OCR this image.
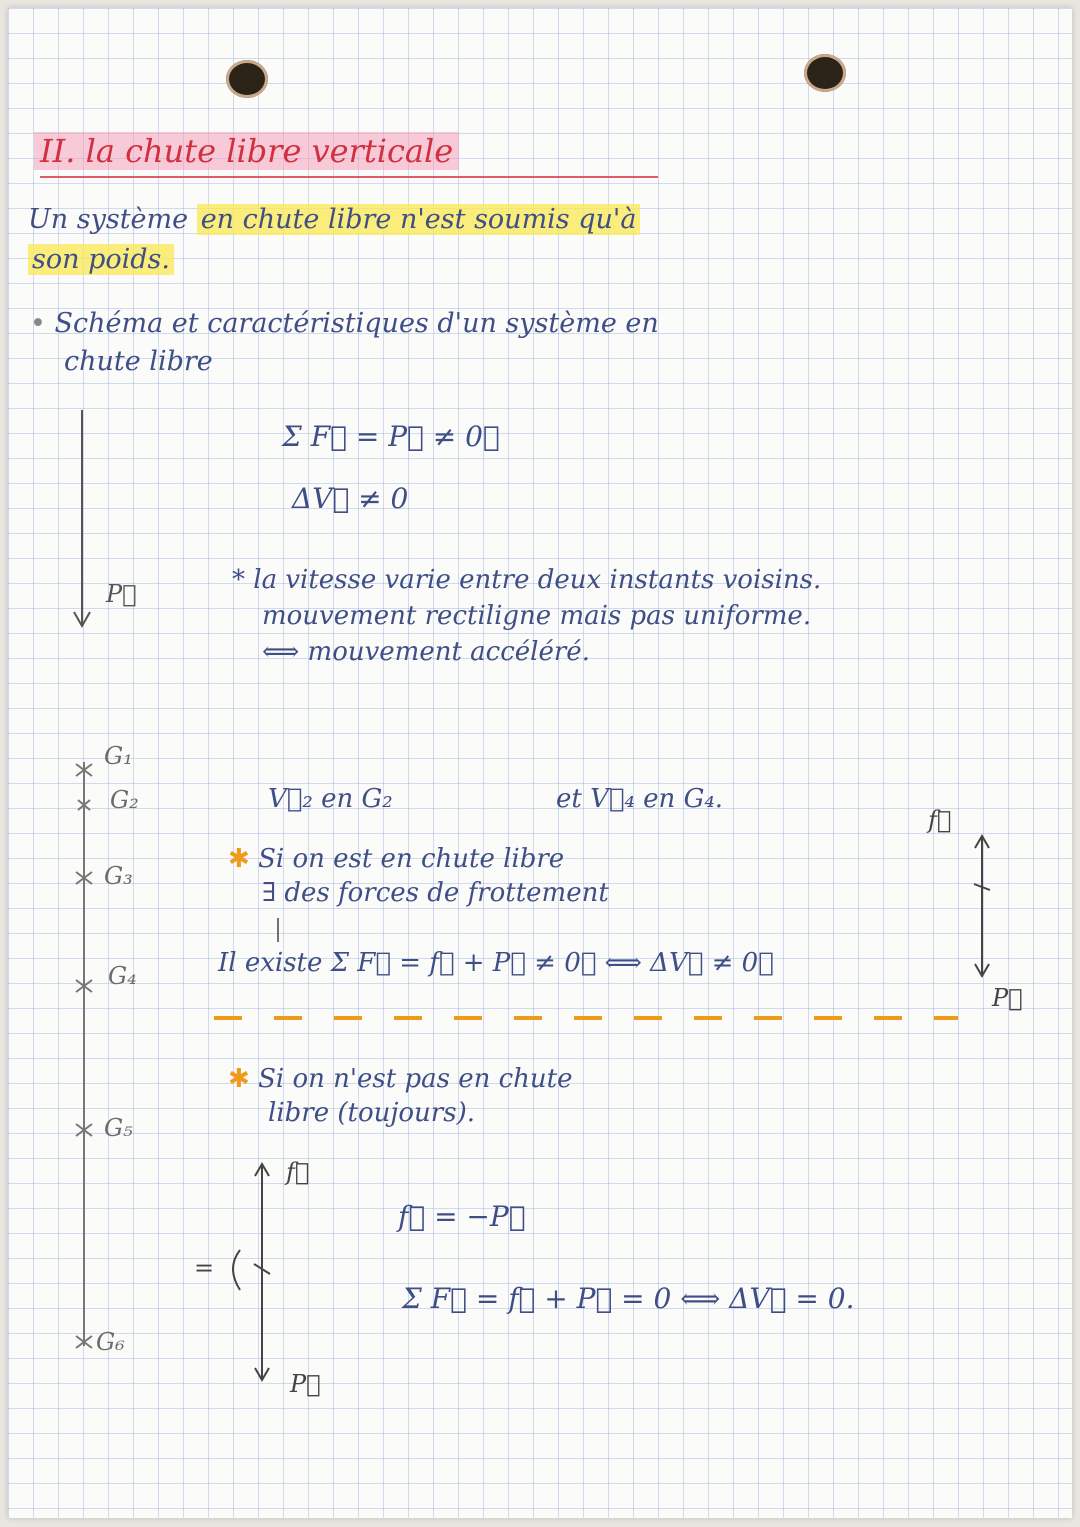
II. la chute libre verticale
Un système en chute libre n'est soumis qu'à
son poids.
• Schéma et caractéristiques d'un système en
chute libre
Σ F⃗ = P⃗ ≠ 0⃗
ΔV⃗ ≠ 0
* la vitesse varie entre deux instants voisins.
mouvement rectiligne mais pas uniforme.
⟺ mouvement accéléré.
P⃗
G₁
G₂
G₃
G₄
G₅
G₆
f⃗
P⃗
f⃗
P⃗
=
V⃗₂ en G₂	et V⃗₄ en G₄.
✱ Si on est en chute libre
∃ des forces de frottement
Il existe Σ F⃗ = f⃗ + P⃗ ≠ 0⃗ ⟺ ΔV⃗ ≠ 0⃗
✱ Si on n'est pas en chute
libre (toujours).
f⃗ = −P⃗
Σ F⃗ = f⃗ + P⃗ = 0 ⟺ ΔV⃗ = 0.
